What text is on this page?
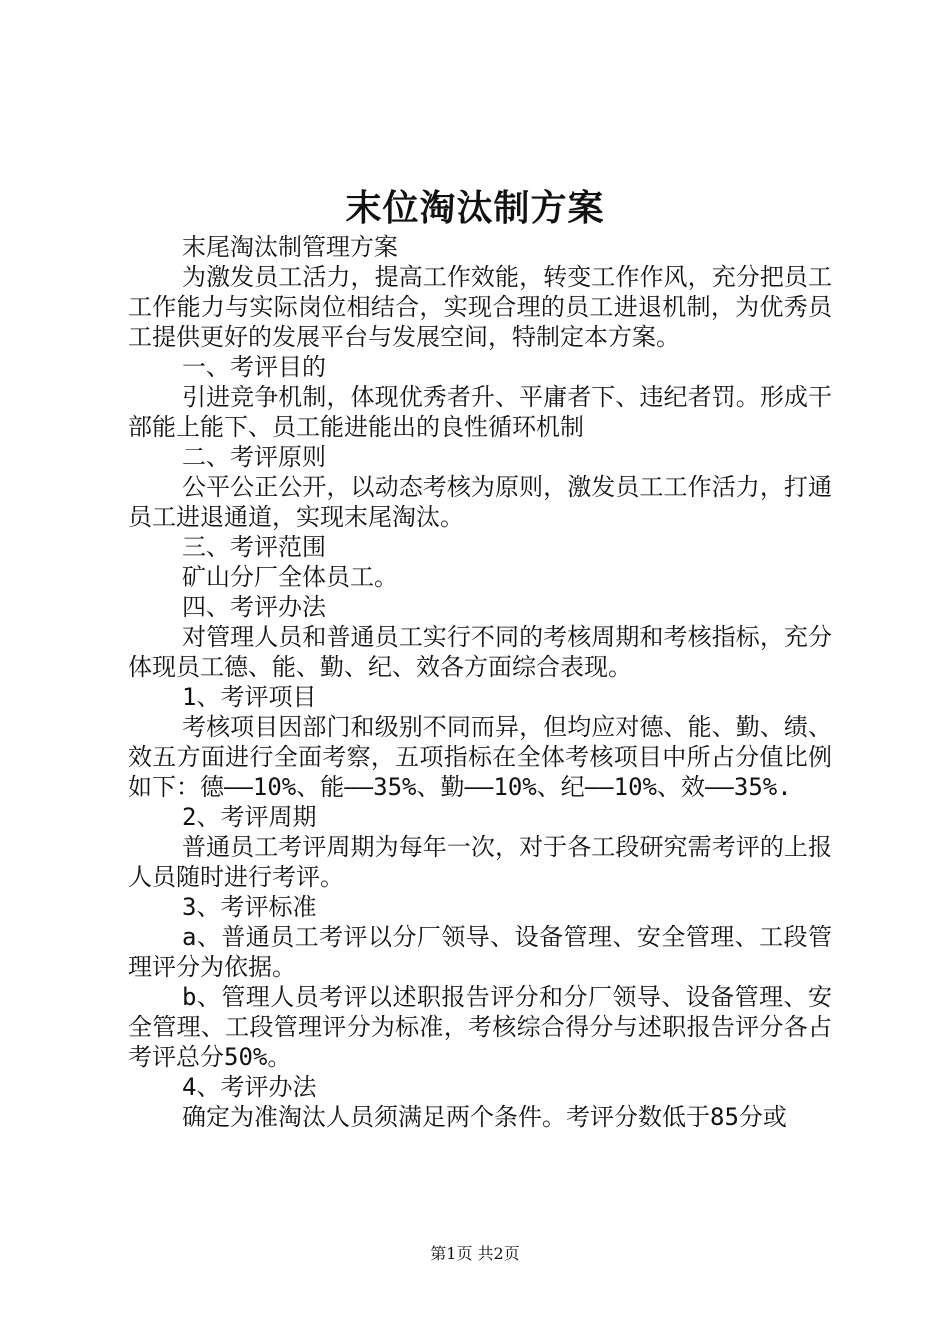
末位淘汰制方案

末尾淘汰制管理方案

为激发员工活力，提高工作效能，转变工作作风，充分把员工工作能力与实际岗位相结合，实现合理的员工进退机制，为优秀员工提供更好的发展平台与发展空间，特制定本方案。

一、考评目的

引进竞争机制，体现优秀者升、平庸者下、违纪者罚。形成干部能上能下、员工能进能出的良性循环机制

二、考评原则

公平公正公开，以动态考核为原则，激发员工工作活力，打通员工进退通道，实现末尾淘汰。

三、考评范围

矿山分厂全体员工。

四、考评办法

对管理人员和普通员工实行不同的考核周期和考核指标，充分体现员工德、能、勤、纪、效各方面综合表现。

1、考评项目

考核项目因部门和级别不同而异，但均应对德、能、勤、绩、效五方面进行全面考察，五项指标在全体考核项目中所占分值比例如下：德——10%、能——35%、勤——10%、纪——10%、效——35%.

2、考评周期

普通员工考评周期为每年一次，对于各工段研究需考评的上报人员随时进行考评。

3、考评标准

a、普通员工考评以分厂领导、设备管理、安全管理、工段管理评分为依据。

b、管理人员考评以述职报告评分和分厂领导、设备管理、安全管理、工段管理评分为标准，考核综合得分与述职报告评分各占考评总分50%。

4、考评办法

确定为准淘汰人员须满足两个条件。考评分数低于85分或

第1页 共2页
